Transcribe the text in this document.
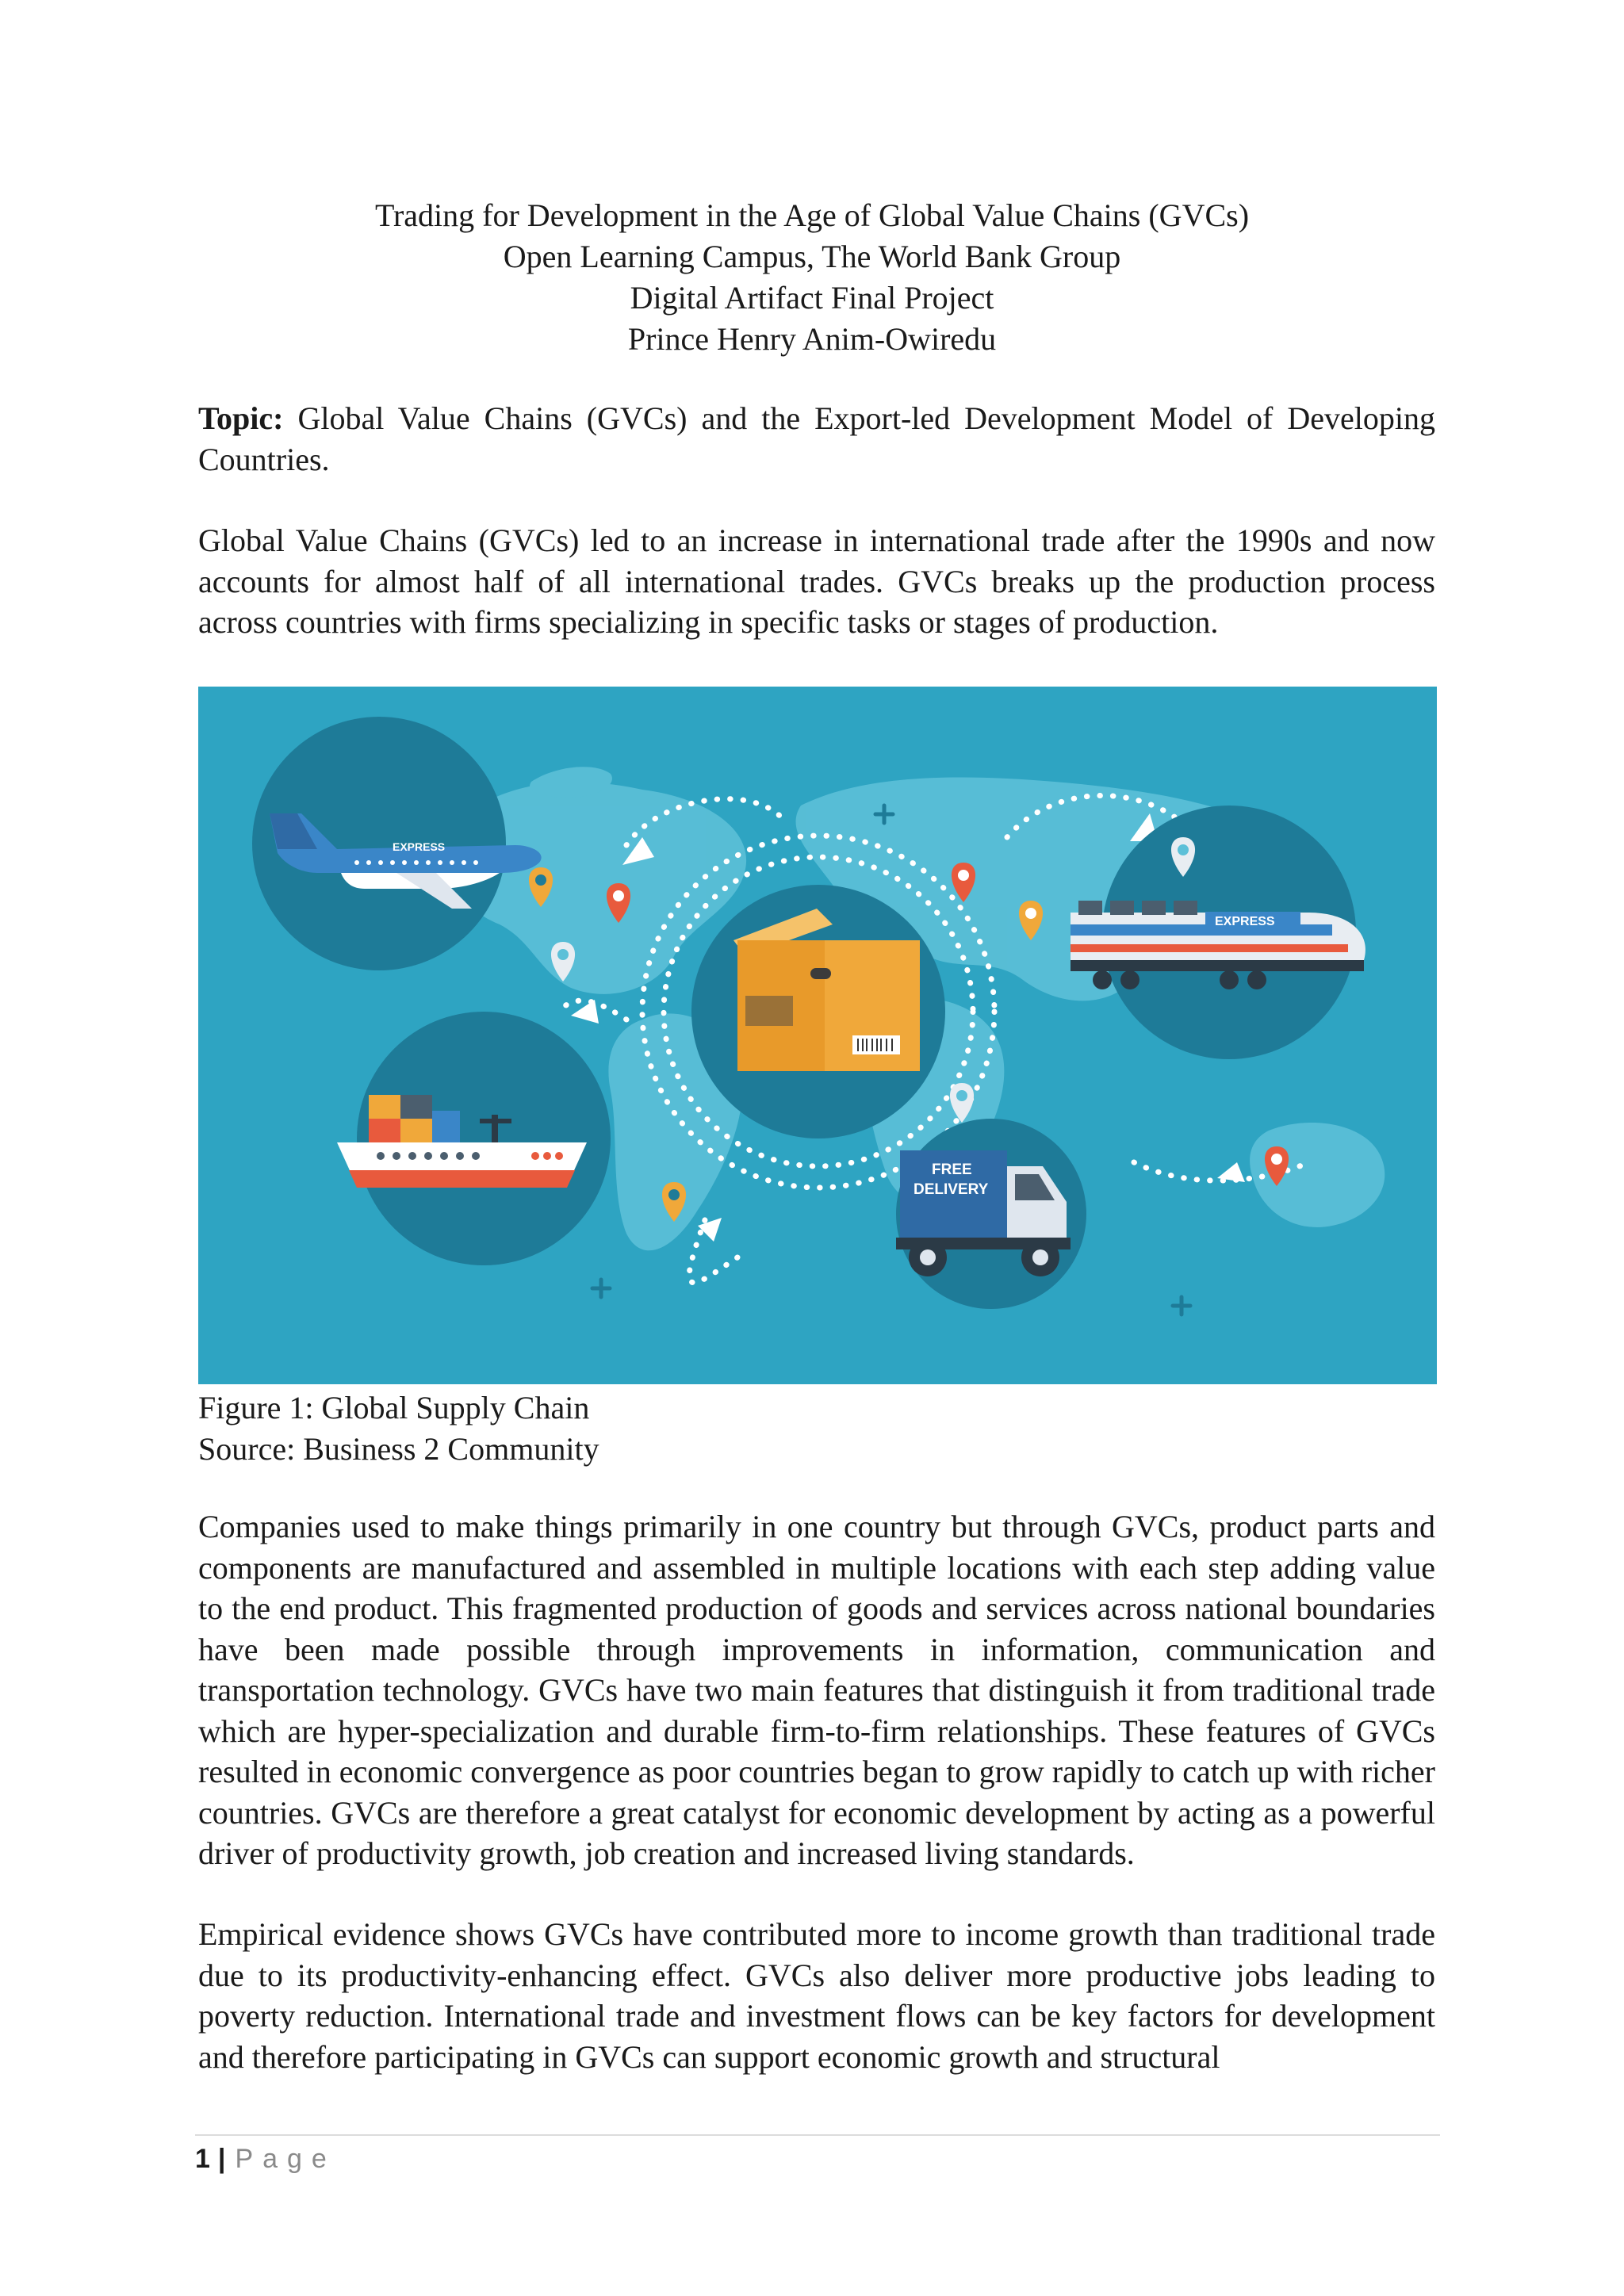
Trading for Development in the Age of Global Value Chains (GVCs)
Open Learning Campus, The World Bank Group
Digital Artifact Final Project
Prince Henry Anim-Owiredu
Topic: Global Value Chains (GVCs) and the Export-led Development Model of Developing Countries.
Global Value Chains (GVCs) led to an increase in international trade after the 1990s and now accounts for almost half of all international trades. GVCs breaks up the production process across countries with firms specializing in specific tasks or stages of production.
EXPRESS
EXPRESS
FREE
DELIVERY
Figure 1: Global Supply Chain
Source: Business 2 Community
Companies used to make things primarily in one country but through GVCs, product parts and components are manufactured and assembled in multiple locations with each step adding value to the end product. This fragmented production of goods and services across national boundaries have been made possible through improvements in information, communication and transportation technology. GVCs have two main features that distinguish it from traditional trade which are hyper-specialization and durable firm-to-firm relationships. These features of GVCs resulted in economic convergence as poor countries began to grow rapidly to catch up with richer countries. GVCs are therefore a great catalyst for economic development by acting as a powerful driver of productivity growth, job creation and increased living standards.
Empirical evidence shows GVCs have contributed more to income growth than traditional trade due to its productivity-enhancing effect. GVCs also deliver more productive jobs leading to poverty reduction. International trade and investment flows can be key factors for development and therefore participating in GVCs can support economic growth and structural
1 | Page
